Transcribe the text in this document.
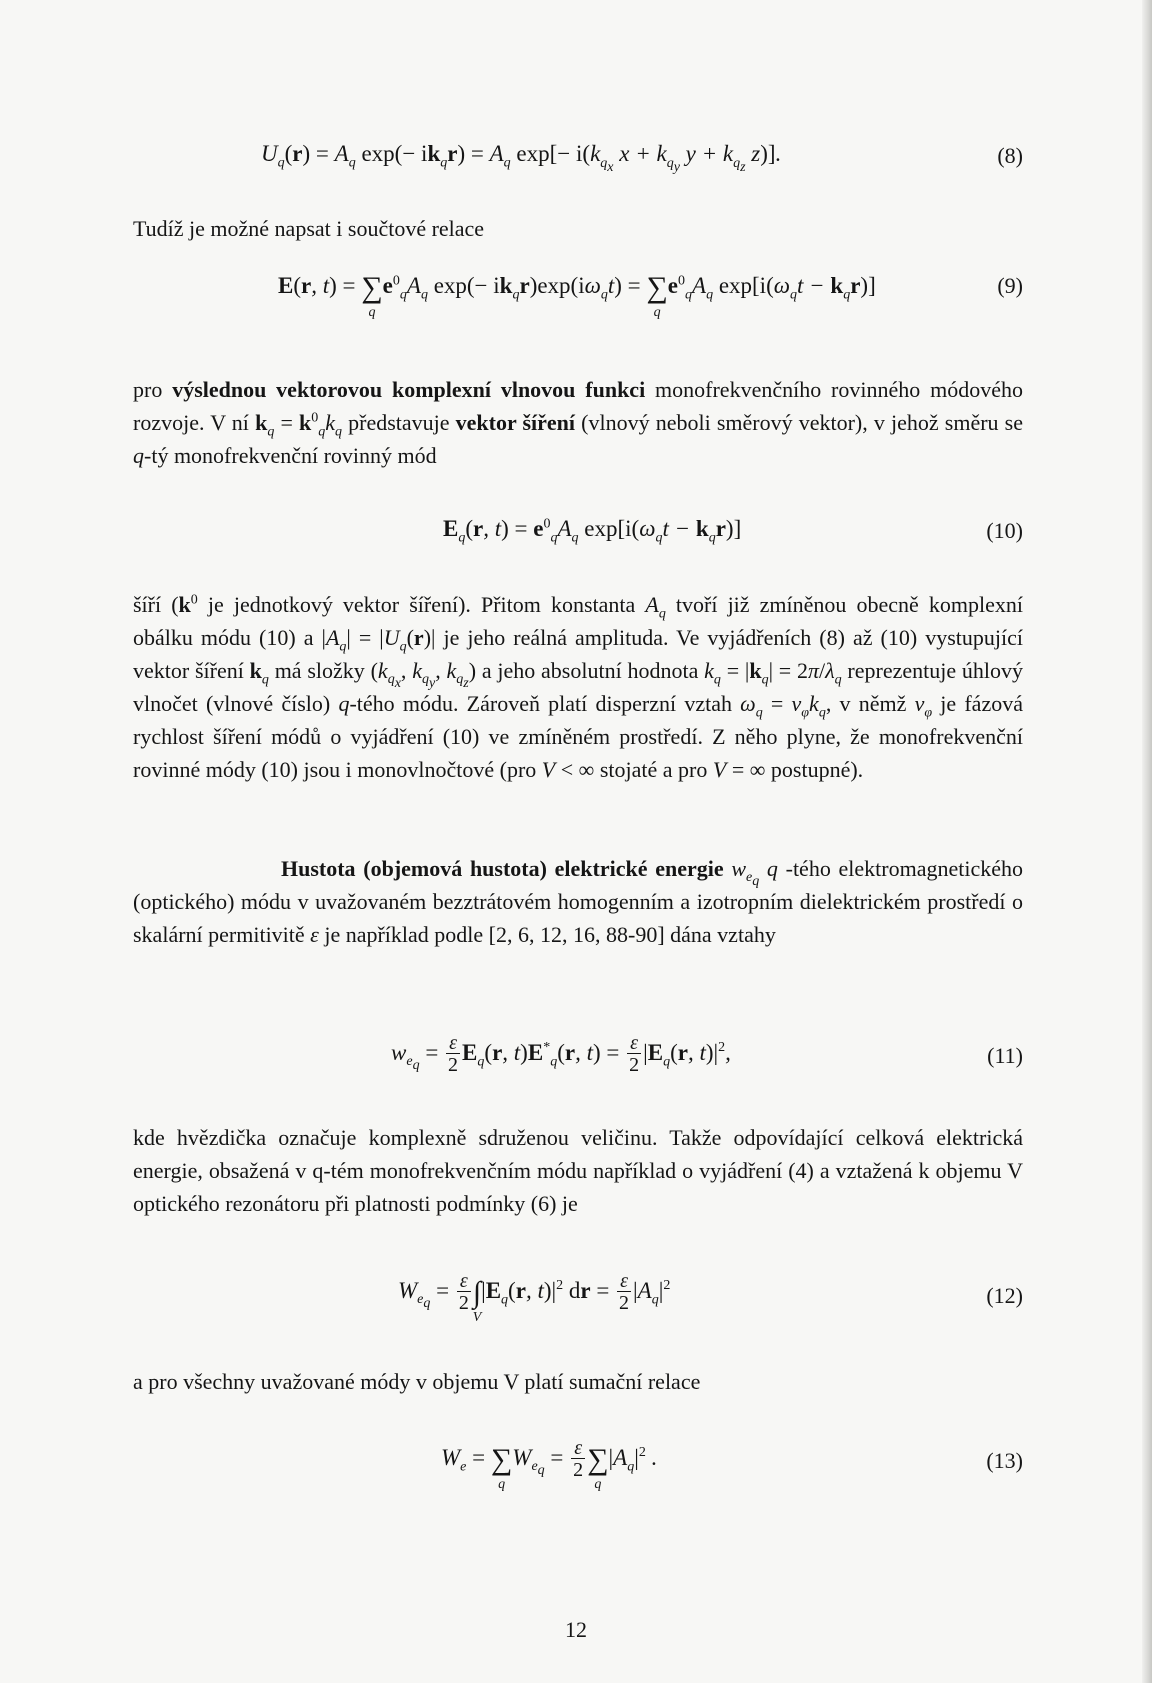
$U_q(r) = A_q$ $\exp(- ik_qr) = A_q$ $\exp[- i(k_{q_x}$ $x + k_{q_y}$ $y + k_{q_z}$ z)].	(8)
Tudíž je možné napsat i součtové relace
E(r, t) = ∑
q
$e^0_qA_q$ $\exp(- ik_qr)\exp(i\omega_qt)$ = ∑
q
$e^0_qA_q$ $\exp[i(\omega_qt - k_qr)]$	(9)
pro výslednou vektorovou komplexní vlnovou funkci monofrekvenčního rovinného módového rozvoje. V ní $k_q = k^0_qk_q$ představuje vektor šíření (vlnový neboli směrový vektor), v jehož směru se q-tý monofrekvenční rovinný mód
$E_q(r$, $t) = e^0_qA_q$ $\exp[i(\omega_qt - k_qr)]$	(10)
šíří ($k^0$ je jednotkový vektor šíření). Přitom konstanta $A_q$ tvoří již zmíněnou obecně komplexní obálku módu (10) a $|A_q| = |U_q(r)|$ je jeho reálná amplituda. Ve vyjádřeních (8) až (10) vystupující vektor šíření $k_q$ má složky ($k_{q_x}$, $k_{q_y}$, $k_{q_z}$) a jeho absolutní hodnota $k_q = |k_q| = 2\pi/\lambda_q$ reprezentuje úhlový vlnočet (vlnové číslo) q-tého módu. Zároveň platí disperzní vztah $\omega_q = v_\varphi k_q$, v němž $v_\varphi$ je fázová rychlost šíření módů o vyjádření (10) ve zmíněném prostředí. Z něho plyne, že monofrekvenční rovinné módy (10) jsou i monovlnočtové (pro V < ∞ stojaté a pro V = ∞ postupné).
Hustota (objemová hustota) elektrické energie $w_{e_q}$ q -tého elektromagnetického (optického) módu v uvažovaném bezztrátovém homogenním a izotropním dielektrickém prostředí o skalární permitivitě ε je například podle [2, 6, 12, 16, 88-90] dána vztahy
$w_{e_q} = \frac{\varepsilon}{2} E_q(r$, $t)E^*_q(r$, $t) = \frac{\varepsilon}{2} |E_q(r$, $t)|^2$,	(11)
kde hvězdička označuje komplexně sdruženou veličinu. Takže odpovídající celková elektrická energie, obsažená v q-tém monofrekvenčním módu například o vyjádření (4) a vztažená k objemu V optického rezonátoru při platnosti podmínky (6) je
$W_{e_q} = \frac{\varepsilon}{2}$ ∫
V
$|E_q(r$, $t)|^2$ dr = $\frac{\varepsilon}{2} |A_q|^2$	(12)
a pro všechny uvažované módy v objemu V platí sumační relace
$W_e$ = ∑
q
$W_{e_q} = \frac{\varepsilon}{2}$ ∑
q
$|A_q|^2$ .	(13)
12
